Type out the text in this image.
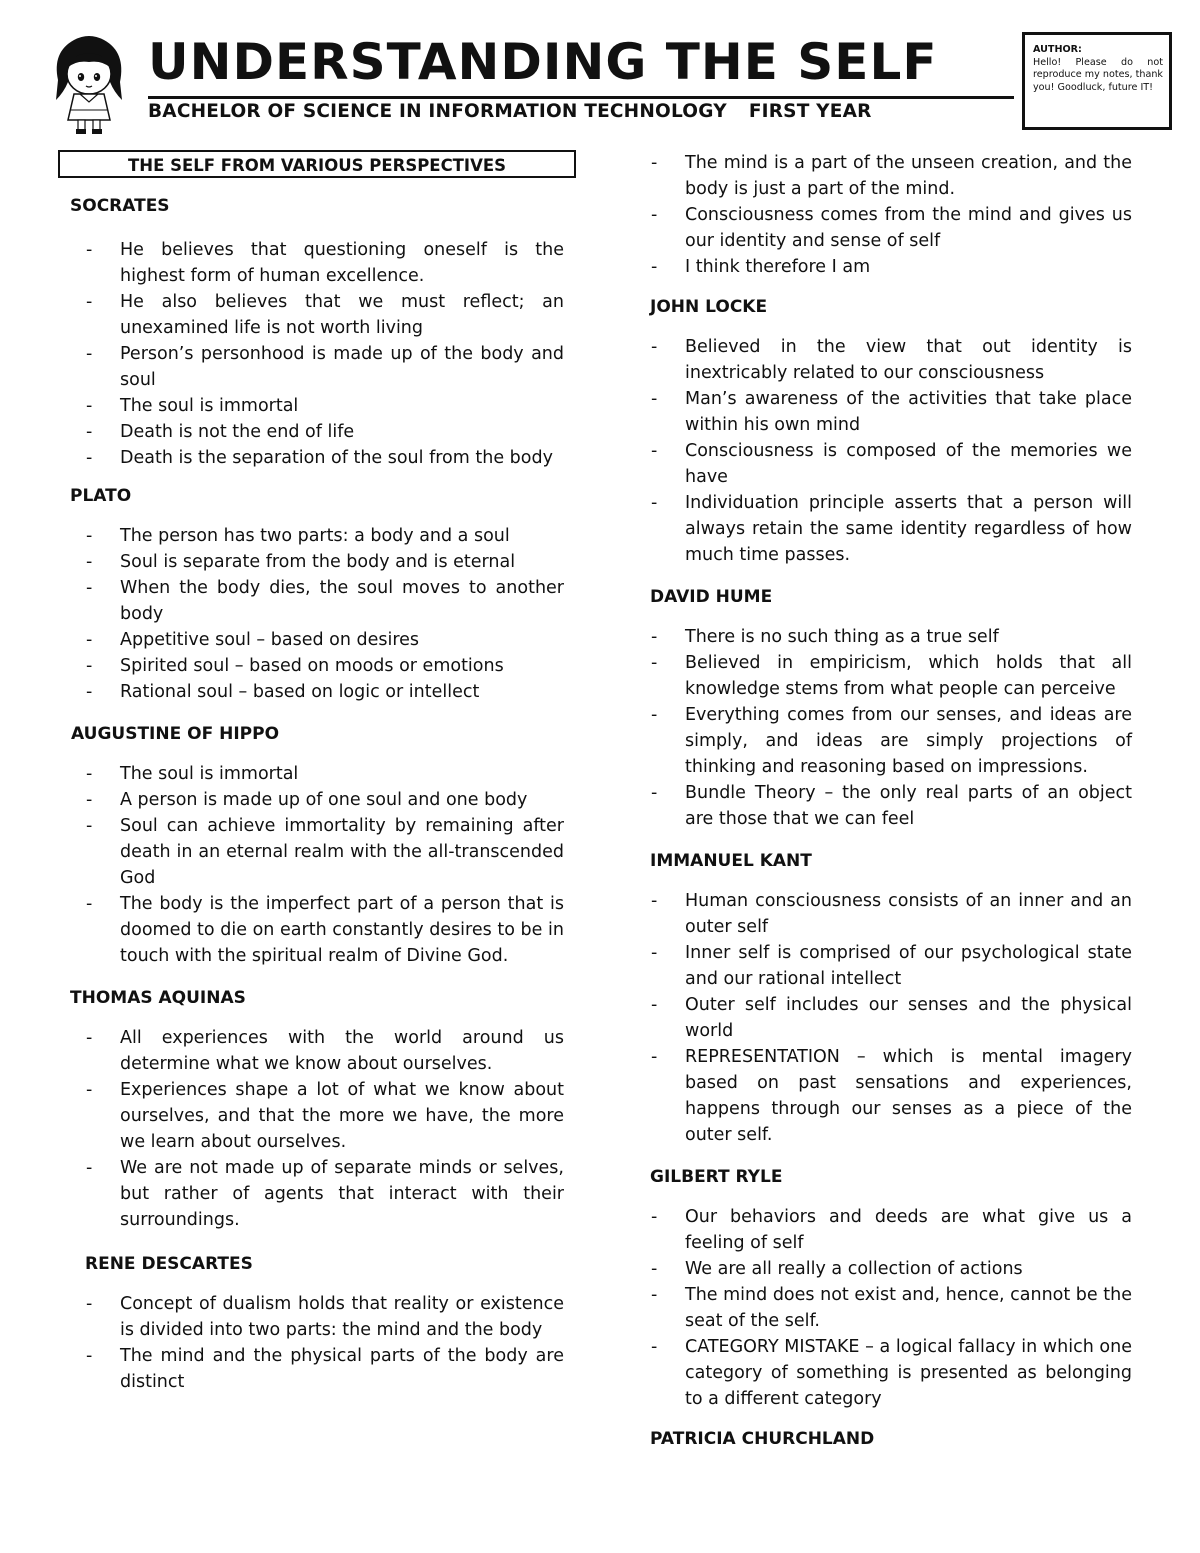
UNDERSTANDING THE SELF
BACHELOR OF SCIENCE IN INFORMATION TECHNOLOGY FIRST YEAR
AUTHOR:
Hello! Please do not reproduce my notes, thank you! Goodluck, future IT!
THE SELF FROM VARIOUS PERSPECTIVES
SOCRATES
- He believes that questioning oneself is the highest form of human excellence.
- He also believes that we must reflect; an unexamined life is not worth living
- Person’s personhood is made up of the body and soul
- The soul is immortal
- Death is not the end of life
- Death is the separation of the soul from the body
PLATO
- The person has two parts: a body and a soul
- Soul is separate from the body and is eternal
- When the body dies, the soul moves to another body
- Appetitive soul – based on desires
- Spirited soul – based on moods or emotions
- Rational soul – based on logic or intellect
AUGUSTINE OF HIPPO
- The soul is immortal
- A person is made up of one soul and one body
- Soul can achieve immortality by remaining after death in an eternal realm with the all-transcended God
- The body is the imperfect part of a person that is doomed to die on earth constantly desires to be in touch with the spiritual realm of Divine God.
THOMAS AQUINAS
- All experiences with the world around us determine what we know about ourselves.
- Experiences shape a lot of what we know about ourselves, and that the more we have, the more we learn about ourselves.
- We are not made up of separate minds or selves, but rather of agents that interact with their surroundings.
RENE DESCARTES
- Concept of dualism holds that reality or existence is divided into two parts: the mind and the body
- The mind and the physical parts of the body are distinct
- The mind is a part of the unseen creation, and the body is just a part of the mind.
- Consciousness comes from the mind and gives us our identity and sense of self
- I think therefore I am
JOHN LOCKE
- Believed in the view that out identity is inextricably related to our consciousness
- Man’s awareness of the activities that take place within his own mind
- Consciousness is composed of the memories we have
- Individuation principle asserts that a person will always retain the same identity regardless of how much time passes.
DAVID HUME
- There is no such thing as a true self
- Believed in empiricism, which holds that all knowledge stems from what people can perceive
- Everything comes from our senses, and ideas are simply, and ideas are simply projections of thinking and reasoning based on impressions.
- Bundle Theory – the only real parts of an object are those that we can feel
IMMANUEL KANT
- Human consciousness consists of an inner and an outer self
- Inner self is comprised of our psychological state and our rational intellect
- Outer self includes our senses and the physical world
- REPRESENTATION – which is mental imagery based on past sensations and experiences, happens through our senses as a piece of the outer self.
GILBERT RYLE
- Our behaviors and deeds are what give us a feeling of self
- We are all really a collection of actions
- The mind does not exist and, hence, cannot be the seat of the self.
- CATEGORY MISTAKE – a logical fallacy in which one category of something is presented as belonging to a different category
PATRICIA CHURCHLAND
